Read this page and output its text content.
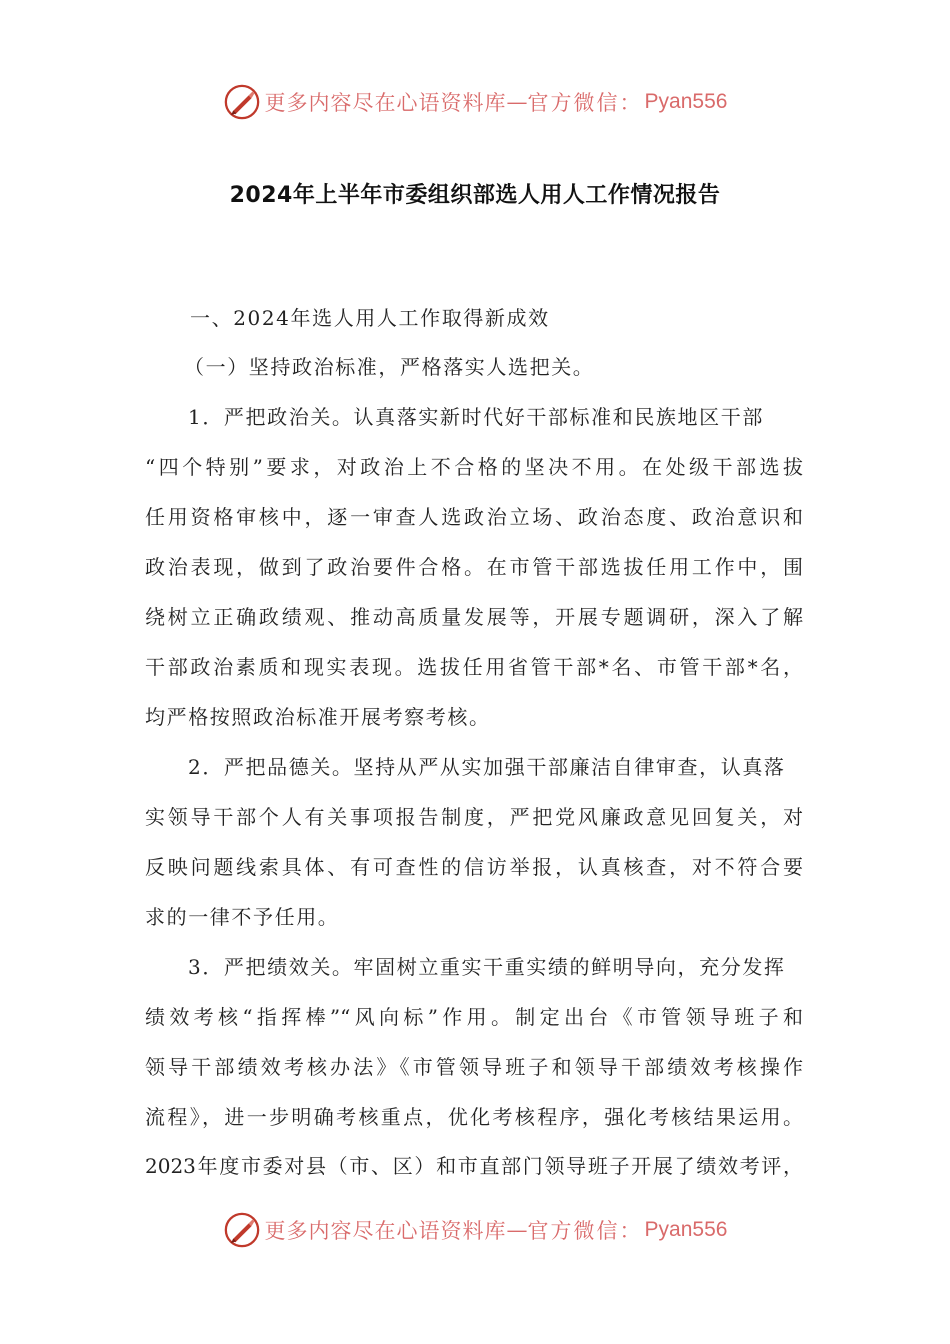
更多内容尽在心语资料库 — 官方微信： Pyan556
2024年上半年市委组织部选人用人工作情况报告
一、2024年选人用人工作取得新成效
（一）坚持政治标准，严格落实人选把关。
1．严把政治关。认真落实新时代好干部标准和民族地区干部
“四个特别”要求，对政治上不合格的坚决不用。在处级干部选拔
任用资格审核中，逐一审查人选政治立场、政治态度、政治意识和
政治表现，做到了政治要件合格。在市管干部选拔任用工作中，围
绕树立正确政绩观、推动高质量发展等，开展专题调研，深入了解
干部政治素质和现实表现。选拔任用省管干部*名、市管干部*名，
均严格按照政治标准开展考察考核。
2．严把品德关。坚持从严从实加强干部廉洁自律审查，认真落
实领导干部个人有关事项报告制度，严把党风廉政意见回复关，对
反映问题线索具体、有可查性的信访举报，认真核查，对不符合要
求的一律不予任用。
3．严把绩效关。牢固树立重实干重实绩的鲜明导向，充分发挥
绩效考核“指挥棒”“风向标”作用。制定出台《市管领导班子和
领导干部绩效考核办法》《市管领导班子和领导干部绩效考核操作
流程》，进一步明确考核重点，优化考核程序，强化考核结果运用。
2023年度市委对县（市、区）和市直部门领导班子开展了绩效考评，
更多内容尽在心语资料库 — 官方微信： Pyan556
